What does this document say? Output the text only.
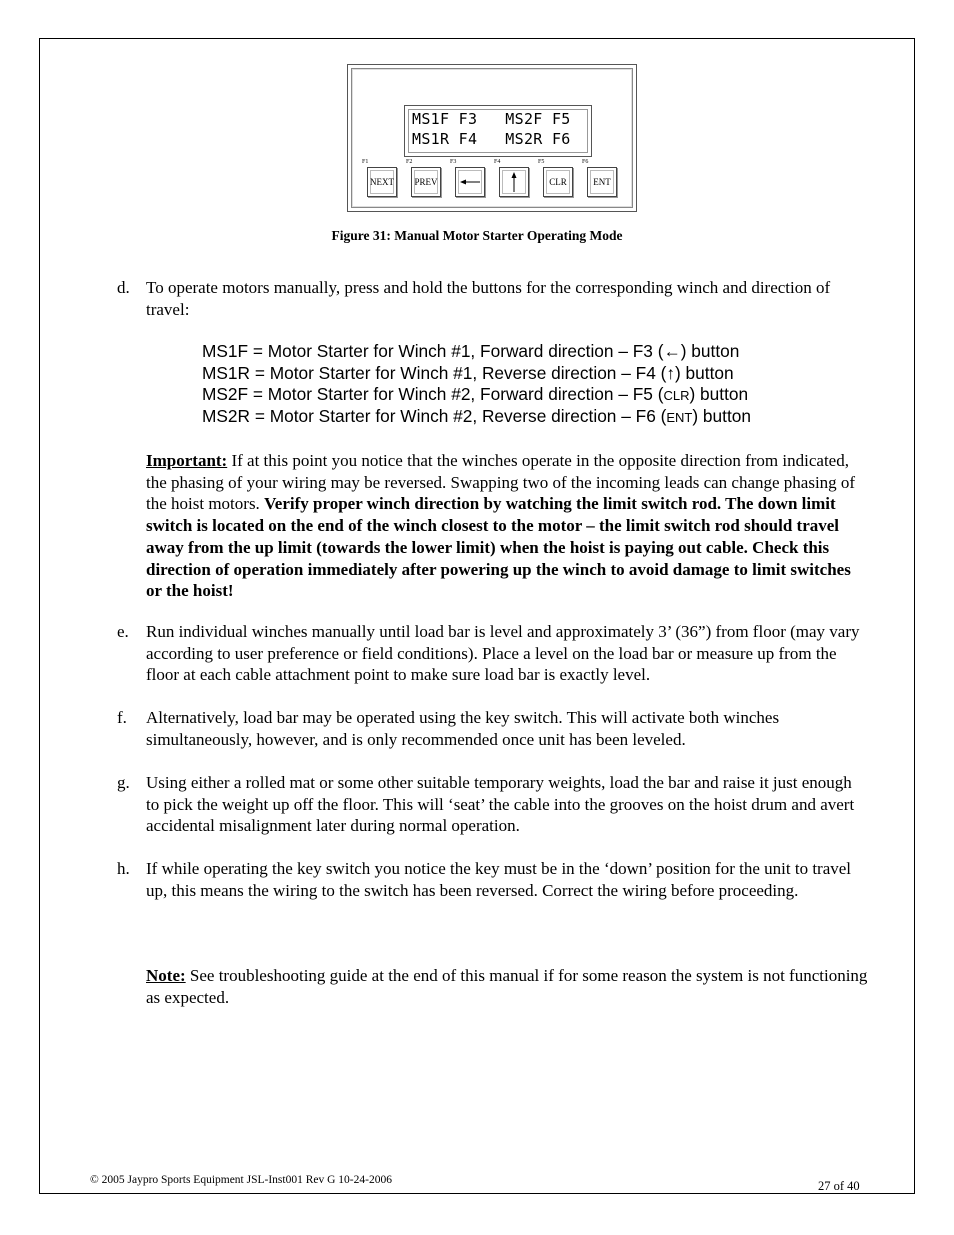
MS1F F3   MS2F F5
MS1R F4   MS2R F6
F1	F2	F3	F4	F5	F6
NEXT PREV	CLR	ENT
Figure 31: Manual Motor Starter Operating Mode
d. To operate motors manually, press and hold the buttons for the corresponding winch and direction of travel:
MS1F = Motor Starter for Winch #1, Forward direction – F3 (←) button
MS1R = Motor Starter for Winch #1, Reverse direction – F4 (↑) button
MS2F = Motor Starter for Winch #2, Forward direction – F5 (CLR) button
MS2R = Motor Starter for Winch #2, Reverse direction – F6 (ENT) button
Important: If at this point you notice that the winches operate in the opposite direction from indicated, the phasing of your wiring may be reversed. Swapping two of the incoming leads can change phasing of the hoist motors. Verify proper winch direction by watching the limit switch rod. The down limit switch is located on the end of the winch closest to the motor – the limit switch rod should travel away from the up limit (towards the lower limit) when the hoist is paying out cable. Check this direction of operation immediately after powering up the winch to avoid damage to limit switches or the hoist!
e. Run individual winches manually until load bar is level and approximately 3’ (36”) from floor (may vary according to user preference or field conditions). Place a level on the load bar or measure up from the floor at each cable attachment point to make sure load bar is exactly level.
f. Alternatively, load bar may be operated using the key switch. This will activate both winches simultaneously, however, and is only recommended once unit has been leveled.
g. Using either a rolled mat or some other suitable temporary weights, load the bar and raise it just enough to pick the weight up off the floor. This will ‘seat’ the cable into the grooves on the hoist drum and avert accidental misalignment later during normal operation.
h. If while operating the key switch you notice the key must be in the ‘down’ position for the unit to travel up, this means the wiring to the switch has been reversed. Correct the wiring before proceeding.
Note: See troubleshooting guide at the end of this manual if for some reason the system is not functioning as expected.
© 2005 Jaypro Sports Equipment JSL-Inst001 Rev G 10-24-2006	27 of 40
